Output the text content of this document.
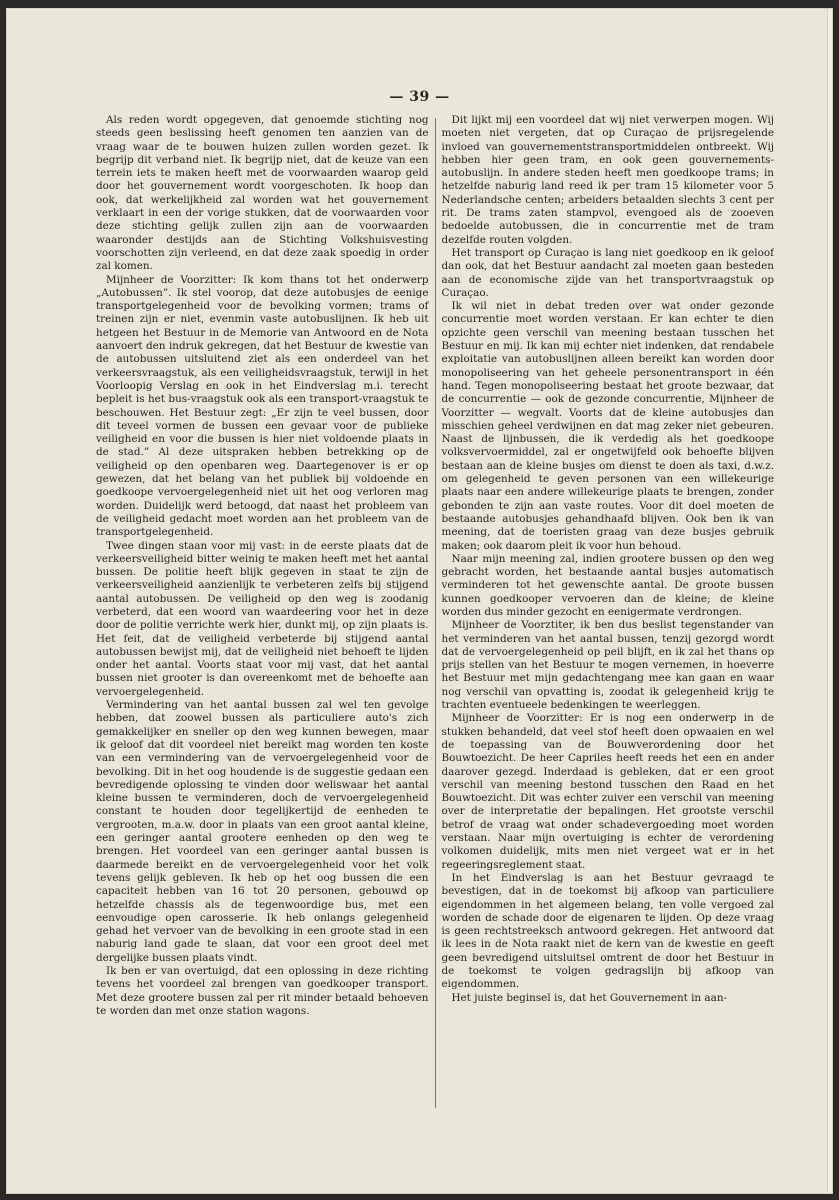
— 39 —

Als reden wordt opgegeven, dat genoemde stichting nog steeds geen beslissing heeft genomen ten aanzien van de vraag waar de te bouwen huizen zullen worden gezet. Ik begrijp dit verband niet. Ik begrijp niet, dat de keuze van een terrein iets te maken heeft met de voorwaarden waarop geld door het gouvernement wordt voorgeschoten. Ik hoop dan ook, dat werkelijkheid zal worden wat het gouvernement verklaart in een der vorige stukken, dat de voorwaarden voor deze stichting gelijk zullen zijn aan de voorwaarden waaronder destijds aan de Stichting Volkshuisvesting voorschotten zijn verleend, en dat deze zaak spoedig in order zal komen.

Mijnheer de Voorzitter: Ik kom thans tot het onderwerp „Autobussen”. Ik stel voorop, dat deze autobusjes de eenige transportgelegenheid voor de bevolking vormen; trams of treinen zijn er niet, evenmin vaste autobuslijnen. Ik heb uit hetgeen het Bestuur in de Memorie van Antwoord en de Nota aanvoert den indruk gekregen, dat het Bestuur de kwestie van de autobussen uitsluitend ziet als een onderdeel van het verkeersvraagstuk, als een veiligheidsvraagstuk, terwijl in het Voorloopig Verslag en ook in het Eindverslag m.i. terecht bepleit is het bus-vraagstuk ook als een transport-vraagstuk te beschouwen. Het Bestuur zegt: „Er zijn te veel bussen, door dit teveel vormen de bussen een gevaar voor de publieke veiligheid en voor die bussen is hier niet voldoende plaats in de stad.” Al deze uitspraken hebben betrekking op de veiligheid op den openbaren weg. Daartegenover is er op gewezen, dat het belang van het publiek bij voldoende en goedkoope vervoergelegenheid niet uit het oog verloren mag worden. Duidelijk werd betoogd, dat naast het probleem van de veiligheid gedacht moet worden aan het probleem van de transportgelegenheid.

Twee dingen staan voor mij vast: in de eerste plaats dat de verkeersveiligheid bitter weinig te maken heeft met het aantal bussen. De politie heeft blijk gegeven in staat te zijn de verkeersveiligheid aanzienlijk te verbeteren zelfs bij stijgend aantal autobussen. De veiligheid op den weg is zoodanig verbeterd, dat een woord van waardeering voor het in deze door de politie verrichte werk hier, dunkt mij, op zijn plaats is. Het feit, dat de veiligheid verbeterde bij stijgend aantal autobussen bewijst mij, dat de veiligheid niet behoeft te lijden onder het aantal. Voorts staat voor mij vast, dat het aantal bussen niet grooter is dan overeenkomt met de behoefte aan vervoergelegenheid.

Vermindering van het aantal bussen zal wel ten gevolge hebben, dat zoowel bussen als particuliere auto's zich gemakkelijker en sneller op den weg kunnen bewegen, maar ik geloof dat dit voordeel niet bereikt mag worden ten koste van een vermindering van de vervoergelegenheid voor de bevolking. Dit in het oog houdende is de suggestie gedaan een bevredigende oplossing te vinden door weliswaar het aantal kleine bussen te verminderen, doch de vervoergelegenheid constant te houden door tegelijkertijd de eenheden te vergrooten, m.a.w. door in plaats van een groot aantal kleine, een geringer aantal grootere eenheden op den weg te brengen. Het voordeel van een geringer aantal bussen is daarmede bereikt en de vervoergelegenheid voor het volk tevens gelijk gebleven. Ik heb op het oog bussen die een capaciteit hebben van 16 tot 20 personen, gebouwd op hetzelfde chassis als de tegenwoordige bus, met een eenvoudige open carosserie. Ik heb onlangs gelegenheid gehad het vervoer van de bevolking in een groote stad in een naburig land gade te slaan, dat voor een groot deel met dergelijke bussen plaats vindt.

Ik ben er van overtuigd, dat een oplossing in deze richting tevens het voordeel zal brengen van goedkooper transport. Met deze grootere bussen zal per rit minder betaald behoeven te worden dan met onze station wagons.

Dit lijkt mij een voordeel dat wij niet verwerpen mogen. Wij moeten niet vergeten, dat op Curaçao de prijsregelende invloed van gouvernementstransportmiddelen ontbreekt. Wij hebben hier geen tram, en ook geen gouvernements-autobuslijn. In andere steden heeft men goedkoope trams; in hetzelfde naburig land reed ik per tram 15 kilometer voor 5 Nederlandsche centen; arbeiders betaalden slechts 3 cent per rit. De trams zaten stampvol, evengoed als de zooeven bedoelde autobussen, die in concurrentie met de tram dezelfde routen volgden.

Het transport op Curaçao is lang niet goedkoop en ik geloof dan ook, dat het Bestuur aandacht zal moeten gaan besteden aan de economische zijde van het transportvraagstuk op Curaçao.

Ik wil niet in debat treden over wat onder gezonde concurrentie moet worden verstaan. Er kan echter te dien opzichte geen verschil van meening bestaan tusschen het Bestuur en mij. Ik kan mij echter niet indenken, dat rendabele exploitatie van autobuslijnen alleen bereikt kan worden door monopoliseering van het geheele personentransport in één hand. Tegen monopoliseering bestaat het groote bezwaar, dat de concurrentie — ook de gezonde concurrentie, Mijnheer de Voorzitter — wegvalt. Voorts dat de kleine autobusjes dan misschien geheel verdwijnen en dat mag zeker niet gebeuren. Naast de lijnbussen, die ik verdedig als het goedkoope volksvervoermiddel, zal er ongetwijfeld ook behoefte blijven bestaan aan de kleine busjes om dienst te doen als taxi, d.w.z. om gelegenheid te geven personen van een willekeurige plaats naar een andere willekeurige plaats te brengen, zonder gebonden te zijn aan vaste routes. Voor dit doel moeten de bestaande autobusjes gehandhaafd blijven. Ook ben ik van meening, dat de toeristen graag van deze busjes gebruik maken; ook daarom pleit ik voor hun behoud.

Naar mijn meening zal, indien grootere bussen op den weg gebracht worden, het bestaande aantal busjes automatisch verminderen tot het gewenschte aantal. De groote bussen kunnen goedkooper vervoeren dan de kleine; de kleine worden dus minder gezocht en eenigermate verdrongen.

Mijnheer de Voorztiter, ik ben dus beslist tegenstander van het verminderen van het aantal bussen, tenzij gezorgd wordt dat de vervoergelegenheid op peil blijft, en ik zal het thans op prijs stellen van het Bestuur te mogen vernemen, in hoeverre het Bestuur met mijn gedachtengang mee kan gaan en waar nog verschil van opvatting is, zoodat ik gelegenheid krijg te trachten eventueele bedenkingen te weerleggen.

Mijnheer de Voorzitter: Er is nog een onderwerp in de stukken behandeld, dat veel stof heeft doen opwaaien en wel de toepassing van de Bouwverordening door het Bouwtoezicht. De heer Capriles heeft reeds het een en ander daarover gezegd. Inderdaad is gebleken, dat er een groot verschil van meening bestond tusschen den Raad en het Bouwtoezicht. Dit was echter zuiver een verschil van meening over de interpretatie der bepalingen. Het grootste verschil betrof de vraag wat onder schadevergoeding moet worden verstaan. Naar mijn overtuiging is echter de verordening volkomen duidelijk, mits men niet vergeet wat er in het regeeringsreglement staat.

In het Eindverslag is aan het Bestuur gevraagd te bevestigen, dat in de toekomst bij afkoop van particuliere eigendommen in het algemeen belang, ten volle vergoed zal worden de schade door de eigenaren te lijden. Op deze vraag is geen rechtstreeksch antwoord gekregen. Het antwoord dat ik lees in de Nota raakt niet de kern van de kwestie en geeft geen bevredigend uitsluitsel omtrent de door het Bestuur in de toekomst te volgen gedragslijn bij afkoop van eigendommen.

Het juiste beginsel is, dat het Gouvernement in aan-
